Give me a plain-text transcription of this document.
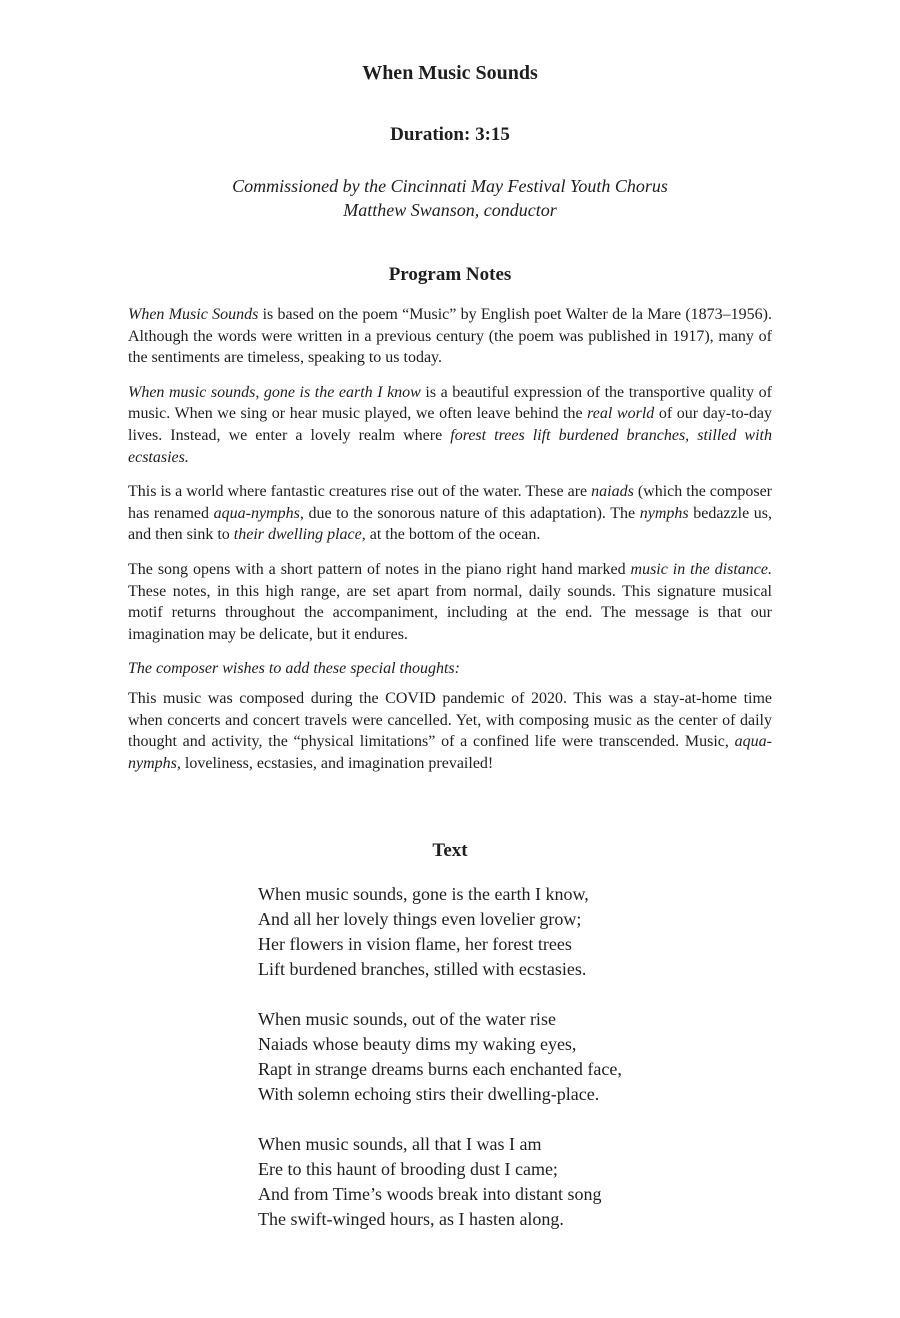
When Music Sounds
Duration: 3:15
Commissioned by the Cincinnati May Festival Youth Chorus
Matthew Swanson, conductor
Program Notes

When Music Sounds is based on the poem “Music” by English poet Walter de la Mare (1873–1956). Although the words were written in a previous century (the poem was published in 1917), many of the sentiments are timeless, speaking to us today.

When music sounds, gone is the earth I know is a beautiful expression of the transportive quality of music. When we sing or hear music played, we often leave behind the real world of our day-to-day lives. Instead, we enter a lovely realm where forest trees lift burdened branches, stilled with ecstasies.

This is a world where fantastic creatures rise out of the water. These are naiads (which the composer has renamed aqua-nymphs, due to the sonorous nature of this adaptation). The nymphs bedazzle us, and then sink to their dwelling place, at the bottom of the ocean.

The song opens with a short pattern of notes in the piano right hand marked music in the distance. These notes, in this high range, are set apart from normal, daily sounds. This signature musical motif returns throughout the accompaniment, including at the end. The message is that our imagination may be delicate, but it endures.

The composer wishes to add these special thoughts:

This music was composed during the COVID pandemic of 2020. This was a stay-at-home time when concerts and concert travels were cancelled. Yet, with composing music as the center of daily thought and activity, the “physical limitations” of a confined life were transcended. Music, aqua-nymphs, loveliness, ecstasies, and imagination prevailed!

Text
When music sounds, gone is the earth I know,
And all her lovely things even lovelier grow;
Her flowers in vision flame, her forest trees
Lift burdened branches, stilled with ecstasies.
When music sounds, out of the water rise
Naiads whose beauty dims my waking eyes,
Rapt in strange dreams burns each enchanted face,
With solemn echoing stirs their dwelling-place.
When music sounds, all that I was I am
Ere to this haunt of brooding dust I came;
And from Time’s woods break into distant song
The swift-winged hours, as I hasten along.
